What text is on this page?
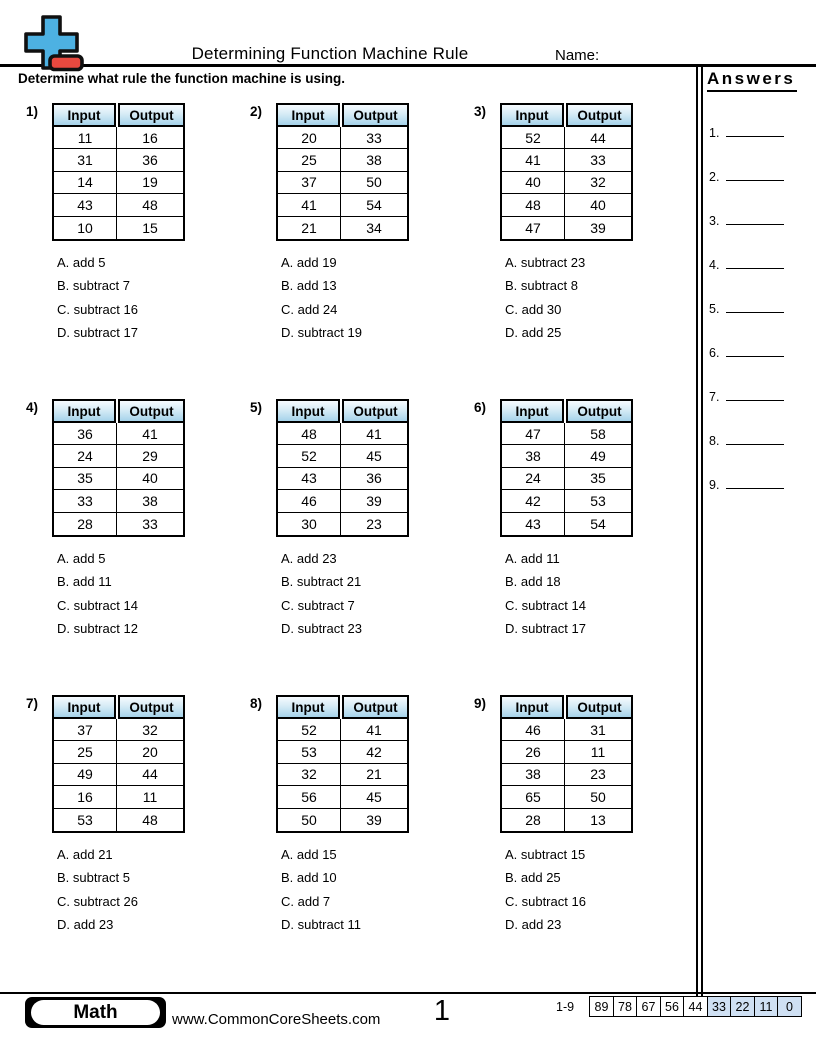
Determining Function Machine Rule	Name:
Determine what rule the function machine is using.	Answers
1.
2.
3.
4.
5.
6.
7.
8.
9.
1)	Input	Output
11	16
31	36
14	19
43	48
10	15
A. add 5
B. subtract 7
C. subtract 16
D. subtract 17
2)	Input	Output
20	33
25	38
37	50
41	54
21	34
A. add 19
B. add 13
C. add 24
D. subtract 19
3)	Input	Output
52	44
41	33
40	32
48	40
47	39
A. subtract 23
B. subtract 8
C. add 30
D. add 25
4)	Input	Output
36	41
24	29
35	40
33	38
28	33
A. add 5
B. add 11
C. subtract 14
D. subtract 12
5)	Input	Output
48	41
52	45
43	36
46	39
30	23
A. add 23
B. subtract 21
C. subtract 7
D. subtract 23
6)	Input	Output
47	58
38	49
24	35
42	53
43	54
A. add 11
B. add 18
C. subtract 14
D. subtract 17
7)	Input	Output
37	32
25	20
49	44
16	11
53	48
A. add 21
B. subtract 5
C. subtract 26
D. add 23
8)	Input	Output
52	41
53	42
32	21
56	45
50	39
A. add 15
B. add 10
C. add 7
D. subtract 11
9)	Input	Output
46	31
26	11
38	23
65	50
28	13
A. subtract 15
B. add 25
C. subtract 16
D. add 23
Math	www.CommonCoreSheets.com	1	1-9	89 78 67 56 44 33 22 11	0
